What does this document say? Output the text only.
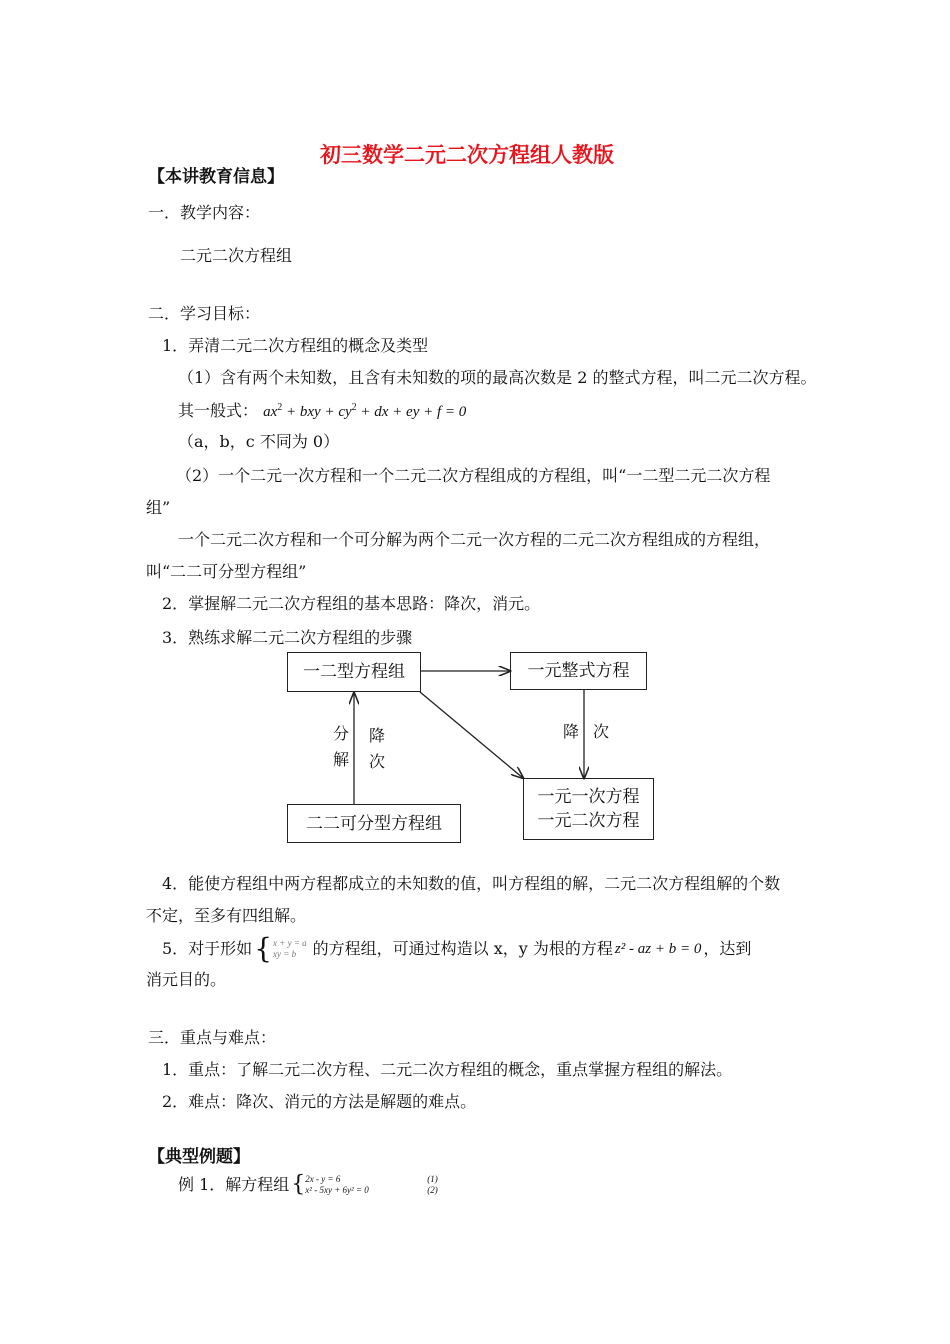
初三数学二元二次方程组人教版
【本讲教育信息】
一．教学内容：
二元二次方程组
二．学习目标：
1．弄清二元二次方程组的概念及类型
（1）含有两个未知数，且含有未知数的项的最高次数是 2 的整式方程，叫二元二次方程。
其一般式： $ax^2$ + bxy + $cy^2$ + dx + ey + f = 0
（a，b，c 不同为 0）
（2）一个二元一次方程和一个二元二次方程组成的方程组，叫“一二型二元二次方程
组”
一个二元二次方程和一个可分解为两个二元一次方程的二元二次方程组成的方程组，
叫“二二可分型方程组”
2．掌握解二元二次方程组的基本思路：降次，消元。
3．熟练求解二元二次方程组的步骤
一二型方程组	一元整式方程
二二可分型方程组
一元一次方程
一元二次方程
分
解
降
次
降 次
4．能使方程组中两方程都成立的未知数的值，叫方程组的解，二元二次方程组解的个数
不定，至多有四组解。
5．对于形如 { x + y = a
xy = b	的方程组，可通过构造以 x，y 为根的方程 z² - az + b = 0 ，达到
消元目的。
三．重点与难点：
1．重点：了解二元二次方程、二元二次方程组的概念，重点掌握方程组的解法。
2．难点：降次、消元的方法是解题的难点。
【典型例题】
例 1．解方程组 { 2x - y = 6
x² - 5xy + 6y² = 0
(1)
(2)
